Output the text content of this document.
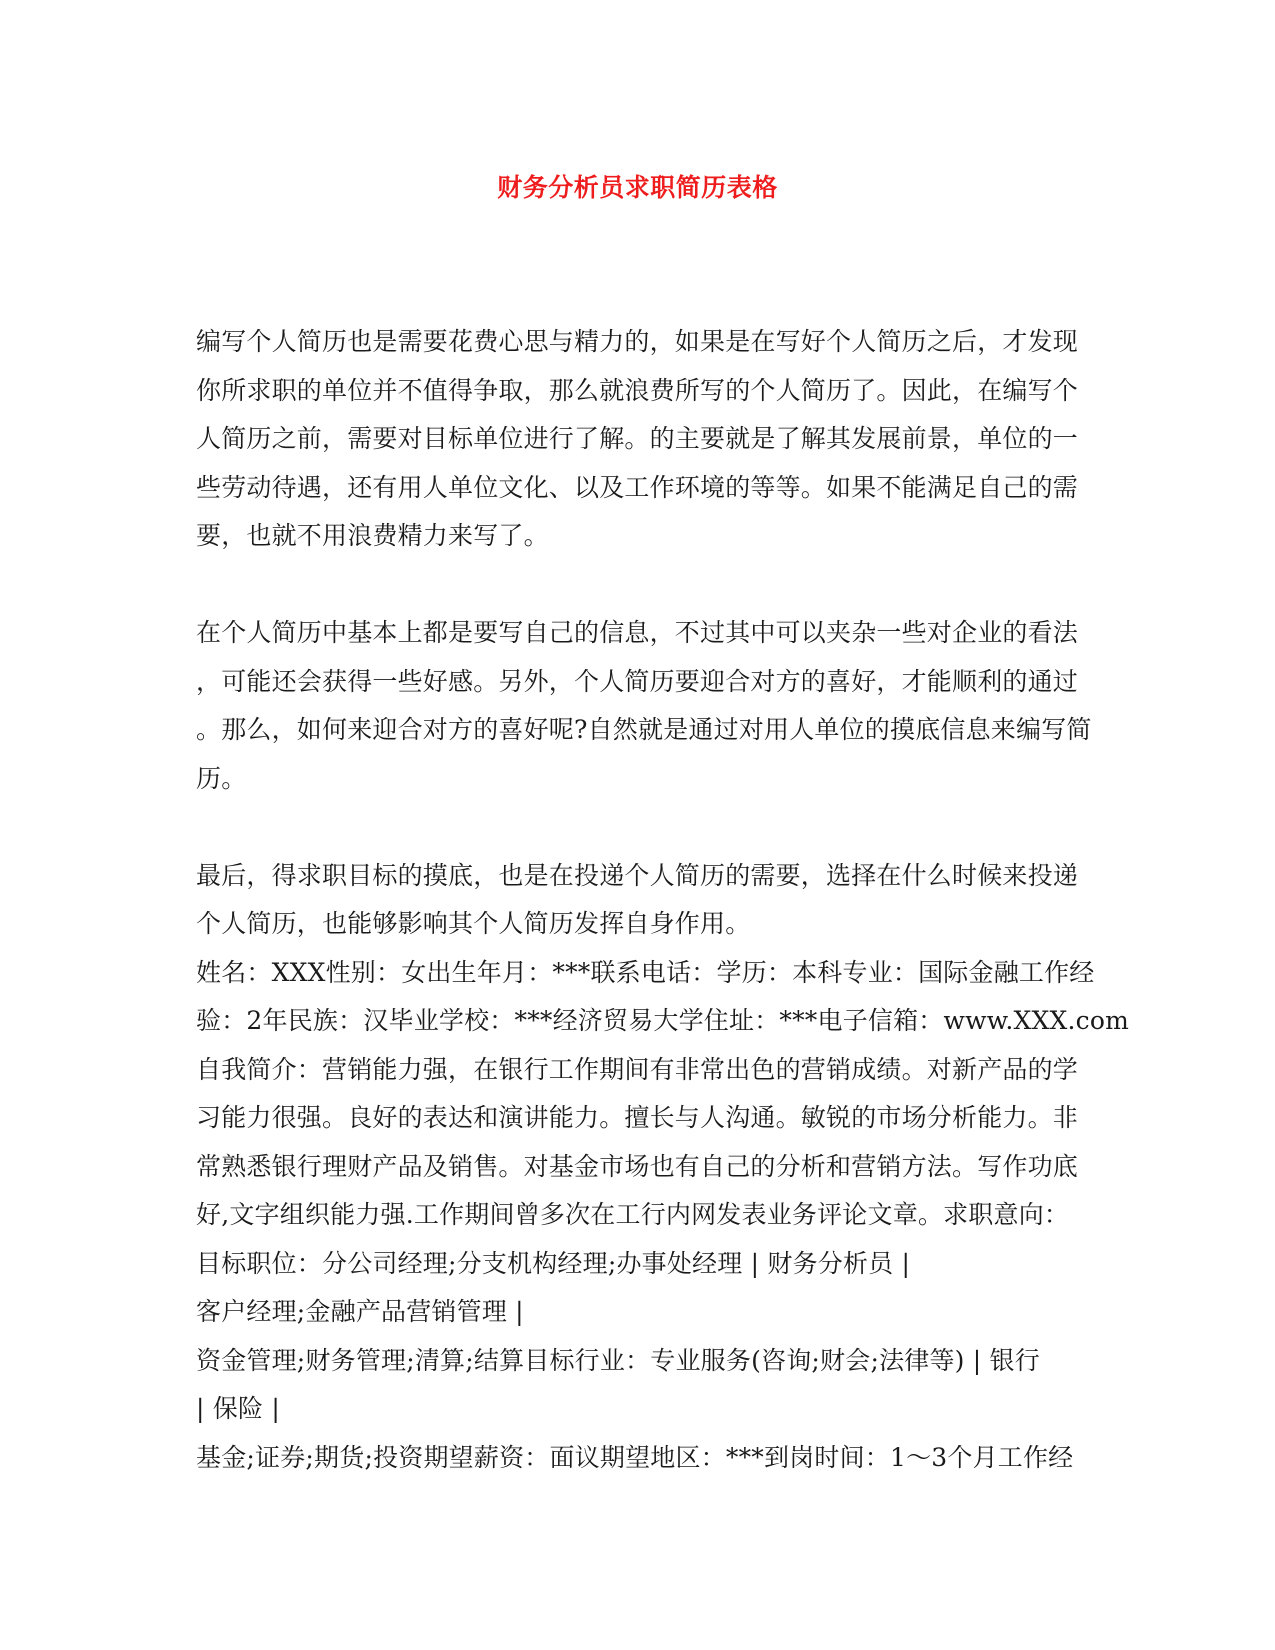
财务分析员求职简历表格
编写个人简历也是需要花费心思与精力的，如果是在写好个人简历之后，才发现
你所求职的单位并不值得争取，那么就浪费所写的个人简历了。因此，在编写个
人简历之前，需要对目标单位进行了解。的主要就是了解其发展前景，单位的一
些劳动待遇，还有用人单位文化、以及工作环境的等等。如果不能满足自己的需
要，也就不用浪费精力来写了。
在个人简历中基本上都是要写自己的信息，不过其中可以夹杂一些对企业的看法
，可能还会获得一些好感。另外，个人简历要迎合对方的喜好，才能顺利的通过
。那么，如何来迎合对方的喜好呢?自然就是通过对用人单位的摸底信息来编写简
历。
最后，得求职目标的摸底，也是在投递个人简历的需要，选择在什么时候来投递
个人简历，也能够影响其个人简历发挥自身作用。
姓名：XXX性别：女出生年月：***联系电话：学历：本科专业：国际金融工作经
验：2年民族：汉毕业学校：***经济贸易大学住址：***电子信箱：www.XXX.com
自我简介：营销能力强，在银行工作期间有非常出色的营销成绩。对新产品的学
习能力很强。良好的表达和演讲能力。擅长与人沟通。敏锐的市场分析能力。非
常熟悉银行理财产品及销售。对基金市场也有自己的分析和营销方法。写作功底
好,文字组织能力强.工作期间曾多次在工行内网发表业务评论文章。求职意向：
目标职位：分公司经理;分支机构经理;办事处经理 | 财务分析员 |
客户经理;金融产品营销管理 |
资金管理;财务管理;清算;结算目标行业：专业服务(咨询;财会;法律等) | 银行
| 保险 |
基金;证券;期货;投资期望薪资：面议期望地区：***到岗时间：1～3个月工作经
